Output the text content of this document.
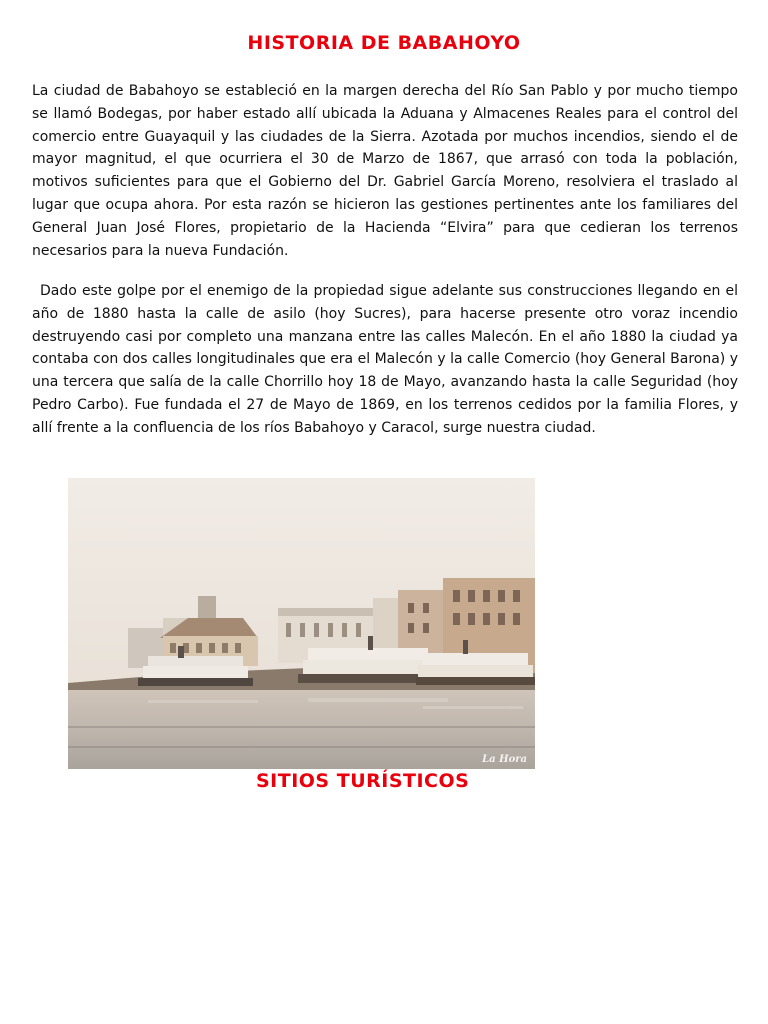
HISTORIA DE BABAHOYO

La ciudad de Babahoyo se estableció en la margen derecha del Río San Pablo y por mucho tiempo se llamó Bodegas, por haber estado allí ubicada la Aduana y Almacenes Reales para el control del comercio entre Guayaquil y las ciudades de la Sierra. Azotada por muchos incendios, siendo el de mayor magnitud, el que ocurriera el 30 de Marzo de 1867, que arrasó con toda la población, motivos suficientes para que el Gobierno del Dr. Gabriel García Moreno, resolviera el traslado al lugar que ocupa ahora. Por esta razón se hicieron las gestiones pertinentes ante los familiares del General Juan José Flores, propietario de la Hacienda “Elvira” para que cedieran los terrenos necesarios para la nueva Fundación.

Dado este golpe por el enemigo de la propiedad sigue adelante sus construcciones llegando en el año de 1880 hasta la calle de asilo (hoy Sucres), para hacerse presente otro voraz incendio destruyendo casi por completo una manzana entre las calles Malecón. En el año 1880 la ciudad ya contaba con dos calles longitudinales que era el Malecón y la calle Comercio (hoy General Barona) y una tercera que salía de la calle Chorrillo hoy 18 de Mayo, avanzando hasta la calle Seguridad (hoy Pedro Carbo). Fue fundada el 27 de Mayo de 1869, en los terrenos cedidos por la familia Flores, y allí frente a la confluencia de los ríos Babahoyo y Caracol, surge nuestra ciudad.

La Hora
SITIOS TURÍSTICOS
